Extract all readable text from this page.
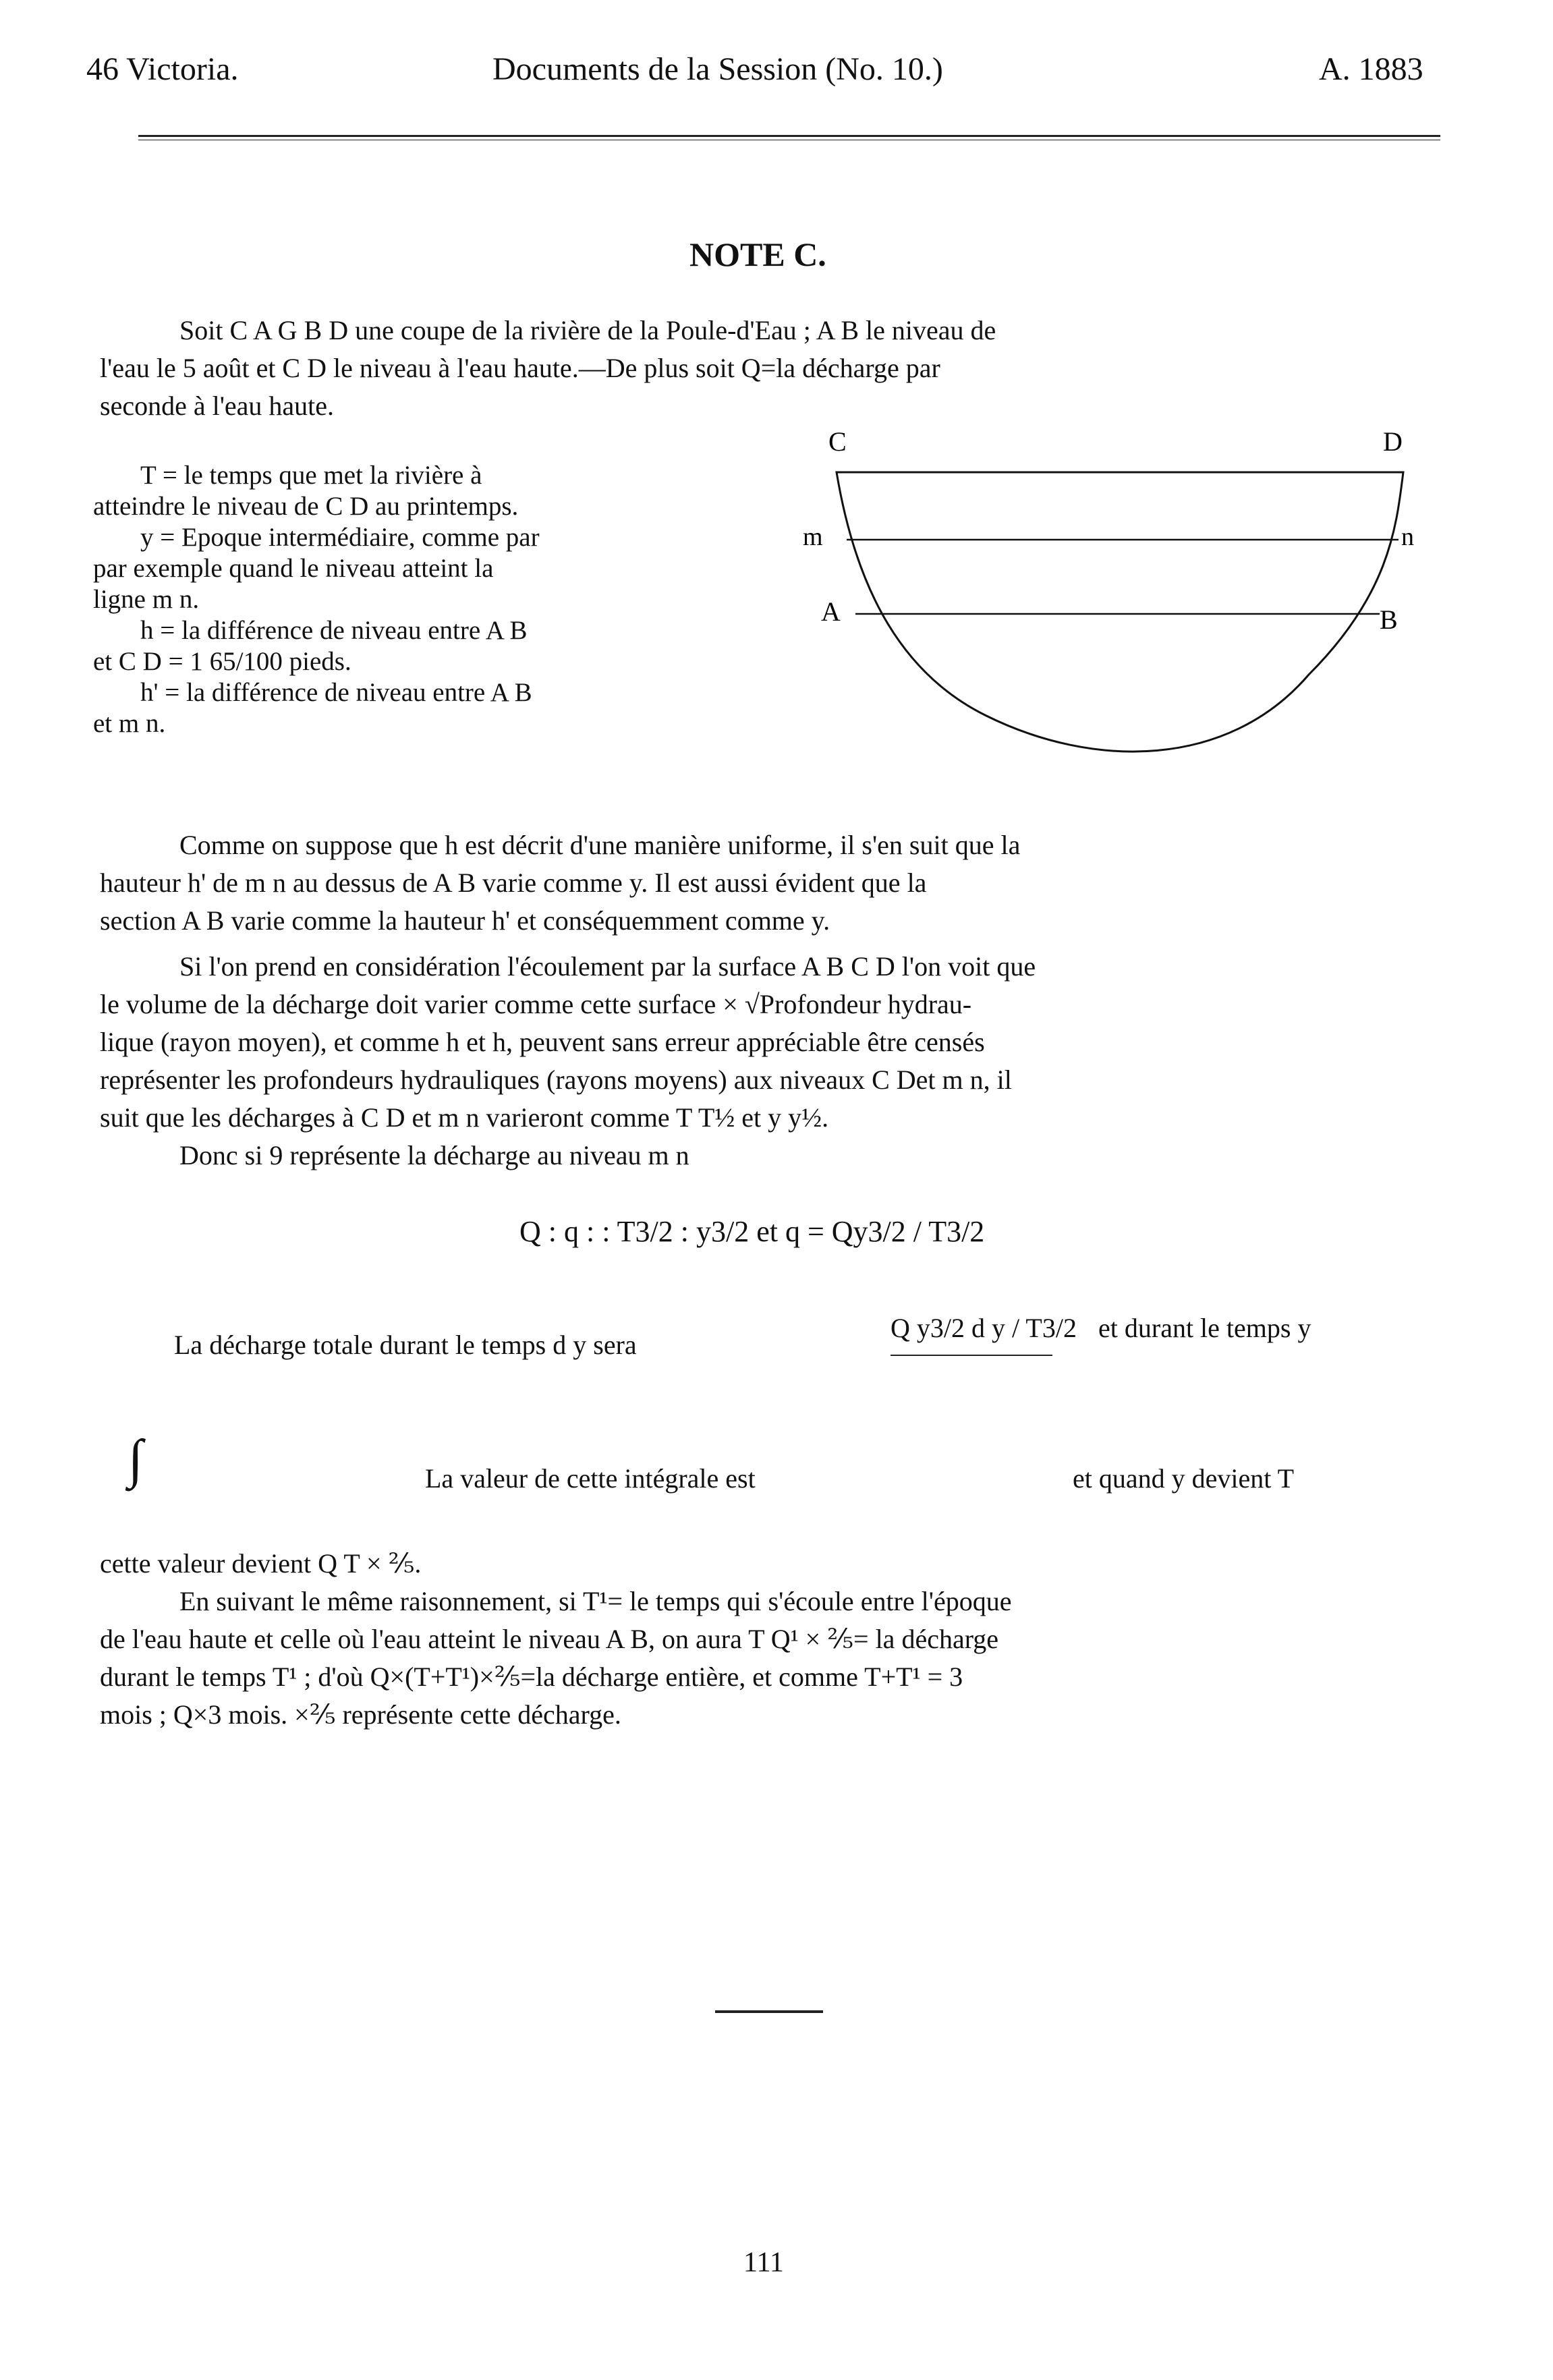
46 Victoria.	Documents de la Session (No. 10.)	A. 1883
NOTE C.
Soit C A G B D une coupe de la rivière de la Poule-d'Eau ; A B le niveau de
l'eau le 5 août et C D le niveau à l'eau haute.—De plus soit Q=la décharge par
seconde à l'eau haute.
T = le temps que met la rivière à
atteindre le niveau de C D au printemps.
y = Epoque intermédiaire, comme par
par exemple quand le niveau atteint la
ligne m n.
h = la différence de niveau entre A B
et C D = 1 65/100 pieds.
h' = la différence de niveau entre A B
et m n.
C	D
m	n
A	B
Comme on suppose que h est décrit d'une manière uniforme, il s'en suit que la
hauteur h' de m n au dessus de A B varie comme y. Il est aussi évident que la
section A B varie comme la hauteur h' et conséquemment comme y.
Si l'on prend en considération l'écoulement par la surface A B C D l'on voit que
le volume de la décharge doit varier comme cette surface × √Profondeur hydrau-
lique (rayon moyen), et comme h et h, peuvent sans erreur appréciable être censés
représenter les profondeurs hydrauliques (rayons moyens) aux niveaux C Det m n, il
suit que les décharges à C D et m n varieront comme T T½ et y y½.
Donc si 9 représente la décharge au niveau m n
Q : q : : T3/2 : y3/2 et q = Qy3/2 / T3/2
La décharge totale durant le temps d y sera
Q y3/2 d y / T3/2 et durant le temps y
∫	La valeur de cette intégrale est	et quand y devient T
cette valeur devient Q T × ⅖.
En suivant le même raisonnement, si T¹= le temps qui s'écoule entre l'époque
de l'eau haute et celle où l'eau atteint le niveau A B, on aura T Q¹ × ⅖= la décharge
durant le temps T¹ ; d'où Q×(T+T¹)×⅖=la décharge entière, et comme T+T¹ = 3
mois ; Q×3 mois. ×⅖ représente cette décharge.
111
